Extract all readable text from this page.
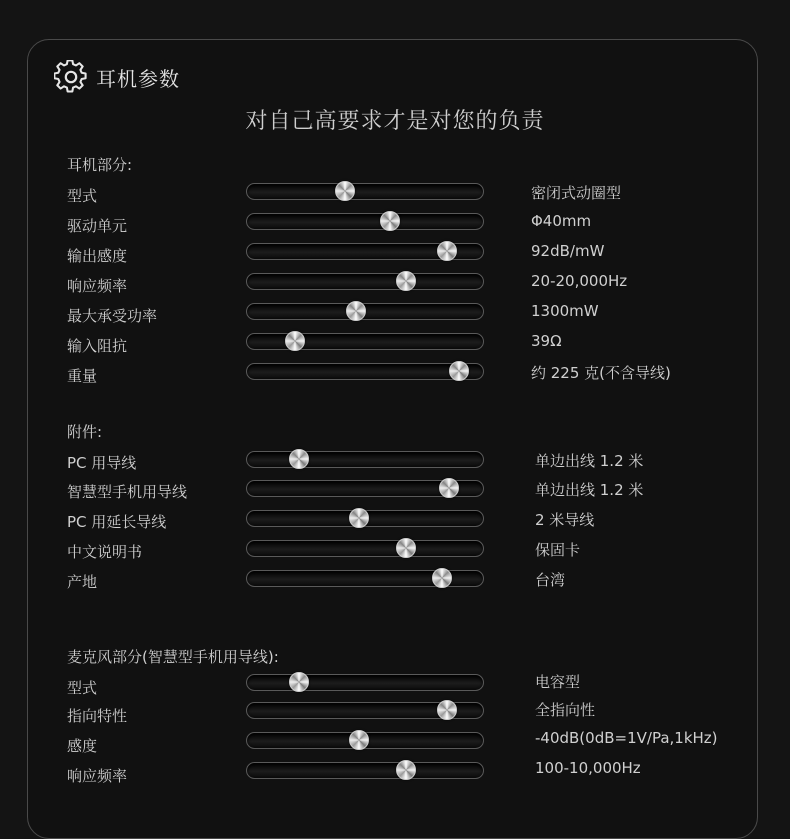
耳机参数
对自己高要求才是对您的负责
耳机部分:
型式	密闭式动圈型
驱动单元	Φ40mm
输出感度	92dB/mW
响应频率	20-20,000Hz
最大承受功率	1300mW
输入阻抗	39Ω
重量	约 225 克(不含导线)
附件:
PC 用导线	单边出线 1.2 米
智慧型手机用导线	单边出线 1.2 米
PC 用延长导线	2 米导线
中文说明书	保固卡
产地	台湾
麦克风部分(智慧型手机用导线):
型式	电容型
指向特性	全指向性
感度	-40dB(0dB=1V/Pa,1kHz)
响应频率	100-10,000Hz
